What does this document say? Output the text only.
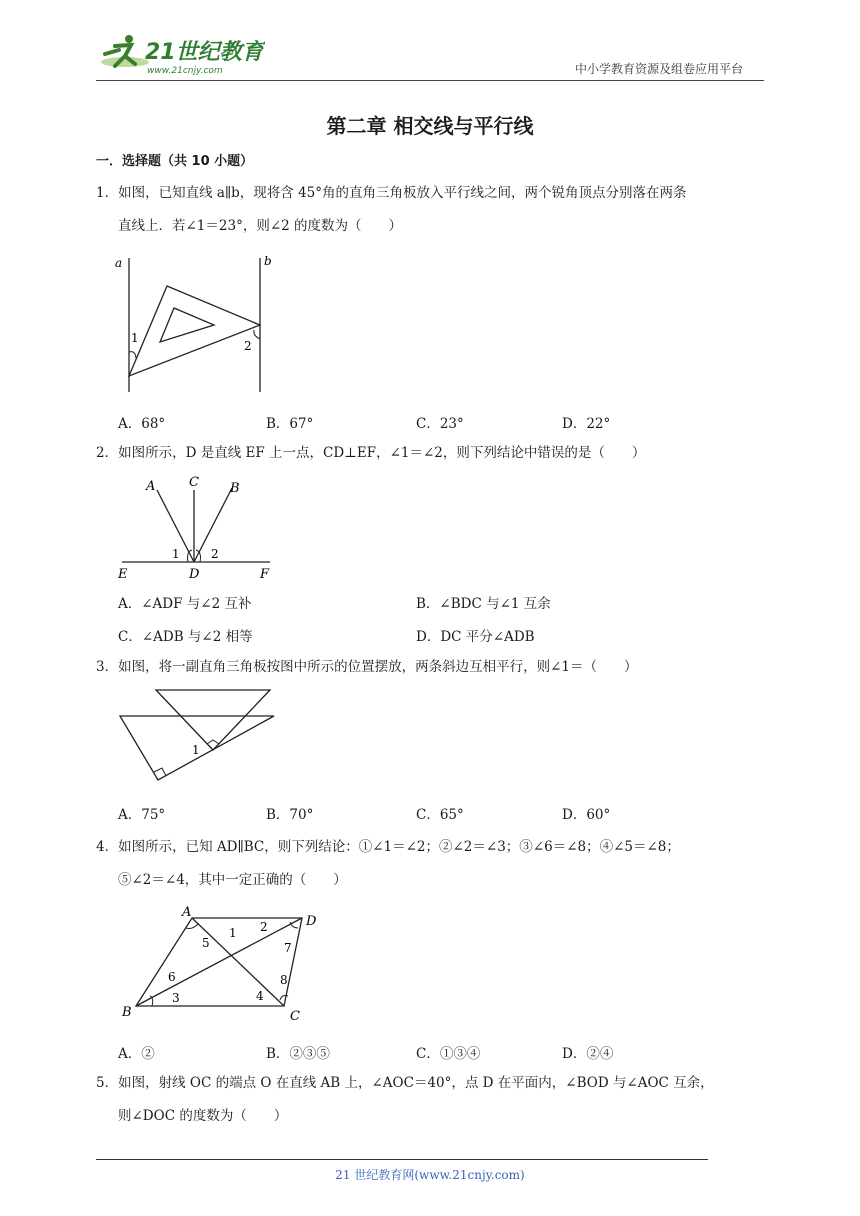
21世纪教育
www.21cnjy.com	中小学教育资源及组卷应用平台
第二章 相交线与平行线
一．选择题（共 10 小题）
1．如图，已知直线 a∥b，现将含 45°角的直角三角板放入平行线之间，两个锐角顶点分别落在两条
直线上．若∠1＝23°，则∠2 的度数为（　　）
a	b
1
2
A．68°	B．67°	C．23°	D．22°
2．如图所示，D 是直线 EF 上一点，CD⊥EF，∠1＝∠2，则下列结论中错误的是（　　）
A	C B
1	2
E	D	F
A．∠ADF 与∠2 互补	B．∠BDC 与∠1 互余
C．∠ADB 与∠2 相等	D．DC 平分∠ADB
3．如图，将一副直角三角板按图中所示的位置摆放，两条斜边互相平行，则∠1＝（　　）
1
A．75°	B．70°	C．65°	D．60°
4．如图所示，已知 AD∥BC，则下列结论：①∠1＝∠2；②∠2＝∠3；③∠6＝∠8；④∠5＝∠8；
⑤∠2＝∠4，其中一定正确的（　　）
A
D
B	C
1 2
3	4
5
6
7
8
A．②	B．②③⑤	C．①③④	D．②④
5．如图，射线 OC 的端点 O 在直线 AB 上，∠AOC＝40°，点 D 在平面内，∠BOD 与∠AOC 互余，
则∠DOC 的度数为（　　）
21 世纪教育网(www.21cnjy.com)
